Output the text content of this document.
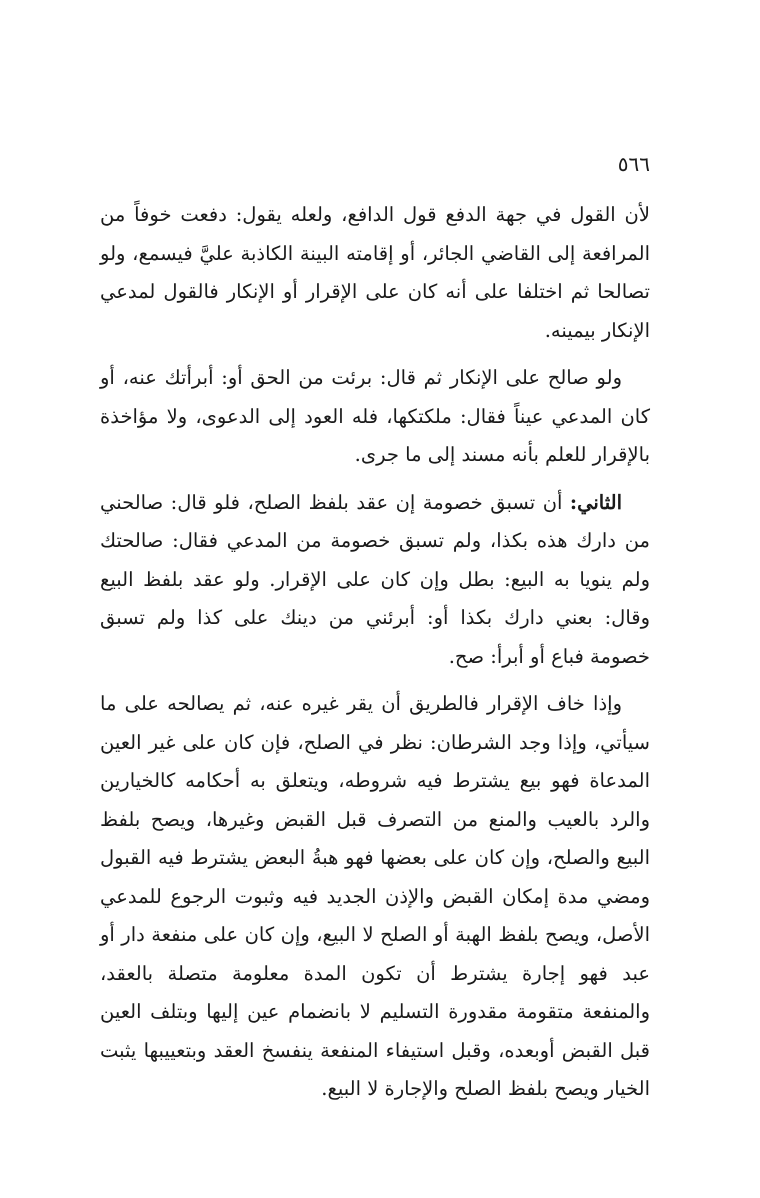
٥٦٦

لأن القول في جهة الدفع قول الدافع، ولعله يقول: دفعت خوفاً من المرافعة إلى القاضي الجائر، أو إقامته البينة الكاذبة عليَّ فيسمع، ولو تصالحا ثم اختلفا على أنه كان على الإقرار أو الإنكار فالقول لمدعي الإنكار بيمينه.

ولو صالح على الإنكار ثم قال: برئت من الحق أو: أبرأتك عنه، أو كان المدعي عيناً فقال: ملكتكها، فله العود إلى الدعوى، ولا مؤاخذة بالإقرار للعلم بأنه مسند إلى ما جرى.

الثاني: أن تسبق خصومة إن عقد بلفظ الصلح، فلو قال: صالحني من دارك هذه بكذا، ولم تسبق خصومة من المدعي فقال: صالحتك ولم ينويا به البيع: بطل وإن كان على الإقرار. ولو عقد بلفظ البيع وقال: بعني دارك بكذا أو: أبرئني من دينك على كذا ولم تسبق خصومة فباع أو أبرأ: صح.

وإذا خاف الإقرار فالطريق أن يقر غيره عنه، ثم يصالحه على ما سيأتي، وإذا وجد الشرطان: نظر في الصلح، فإن كان على غير العين المدعاة فهو بيع يشترط فيه شروطه، ويتعلق به أحكامه كالخيارين والرد بالعيب والمنع من التصرف قبل القبض وغيرها، ويصح بلفظ البيع والصلح، وإن كان على بعضها فهو هبةُ البعض يشترط فيه القبول ومضي مدة إمكان القبض والإذن الجديد فيه وثبوت الرجوع للمدعي الأصل، ويصح بلفظ الهبة أو الصلح لا البيع، وإن كان على منفعة دار أو عبد فهو إجارة يشترط أن تكون المدة معلومة متصلة بالعقد، والمنفعة متقومة مقدورة التسليم لا بانضمام عين إليها وبتلف العين قبل القبض أوبعده، وقبل استيفاء المنفعة ينفسخ العقد وبتعييبها يثبت الخيار ويصح بلفظ الصلح والإجارة لا البيع.
